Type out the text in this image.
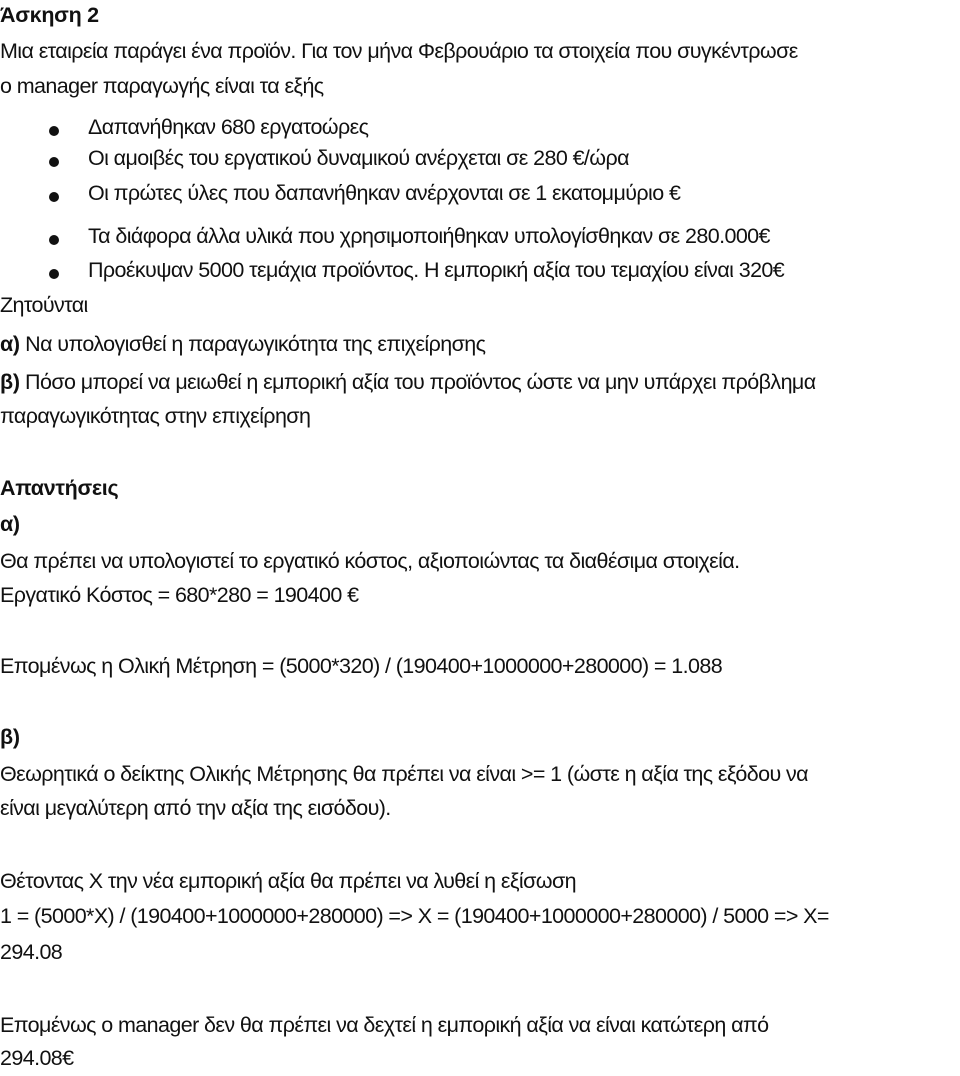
Άσκηση 2
Μια εταιρεία παράγει ένα προϊόν. Για τον μήνα Φεβρουάριο τα στοιχεία που συγκέντρωσε
ο manager παραγωγής είναι τα εξής
Δαπανήθηκαν 680 εργατοώρες
Οι αμοιβές του εργατικού δυναμικού ανέρχεται σε 280 €/ώρα
Οι πρώτες ύλες που δαπανήθηκαν ανέρχονται σε 1 εκατομμύριο €
Τα διάφορα άλλα υλικά που χρησιμοποιήθηκαν υπολογίσθηκαν σε 280.000€
Προέκυψαν 5000 τεμάχια προϊόντος. Η εμπορική αξία του τεμαχίου είναι 320€
Ζητούνται
α) Να υπολογισθεί η παραγωγικότητα της επιχείρησης
β) Πόσο μπορεί να μειωθεί η εμπορική αξία του προϊόντος ώστε να μην υπάρχει πρόβλημα
παραγωγικότητας στην επιχείρηση
Απαντήσεις
α)
Θα πρέπει να υπολογιστεί το εργατικό κόστος, αξιοποιώντας τα διαθέσιμα στοιχεία.
Εργατικό Κόστος = 680*280 = 190400 €
Επομένως η Ολική Μέτρηση = (5000*320) / (190400+1000000+280000) = 1.088
β)
Θεωρητικά ο δείκτης Ολικής Μέτρησης θα πρέπει να είναι >= 1 (ώστε η αξία της εξόδου να
είναι μεγαλύτερη από την αξία της εισόδου).
Θέτοντας Χ την νέα εμπορική αξία θα πρέπει να λυθεί η εξίσωση
1 = (5000*X) / (190400+1000000+280000) => X = (190400+1000000+280000) / 5000 => X=
294.08
Επομένως ο manager δεν θα πρέπει να δεχτεί η εμπορική αξία να είναι κατώτερη από
294.08€
